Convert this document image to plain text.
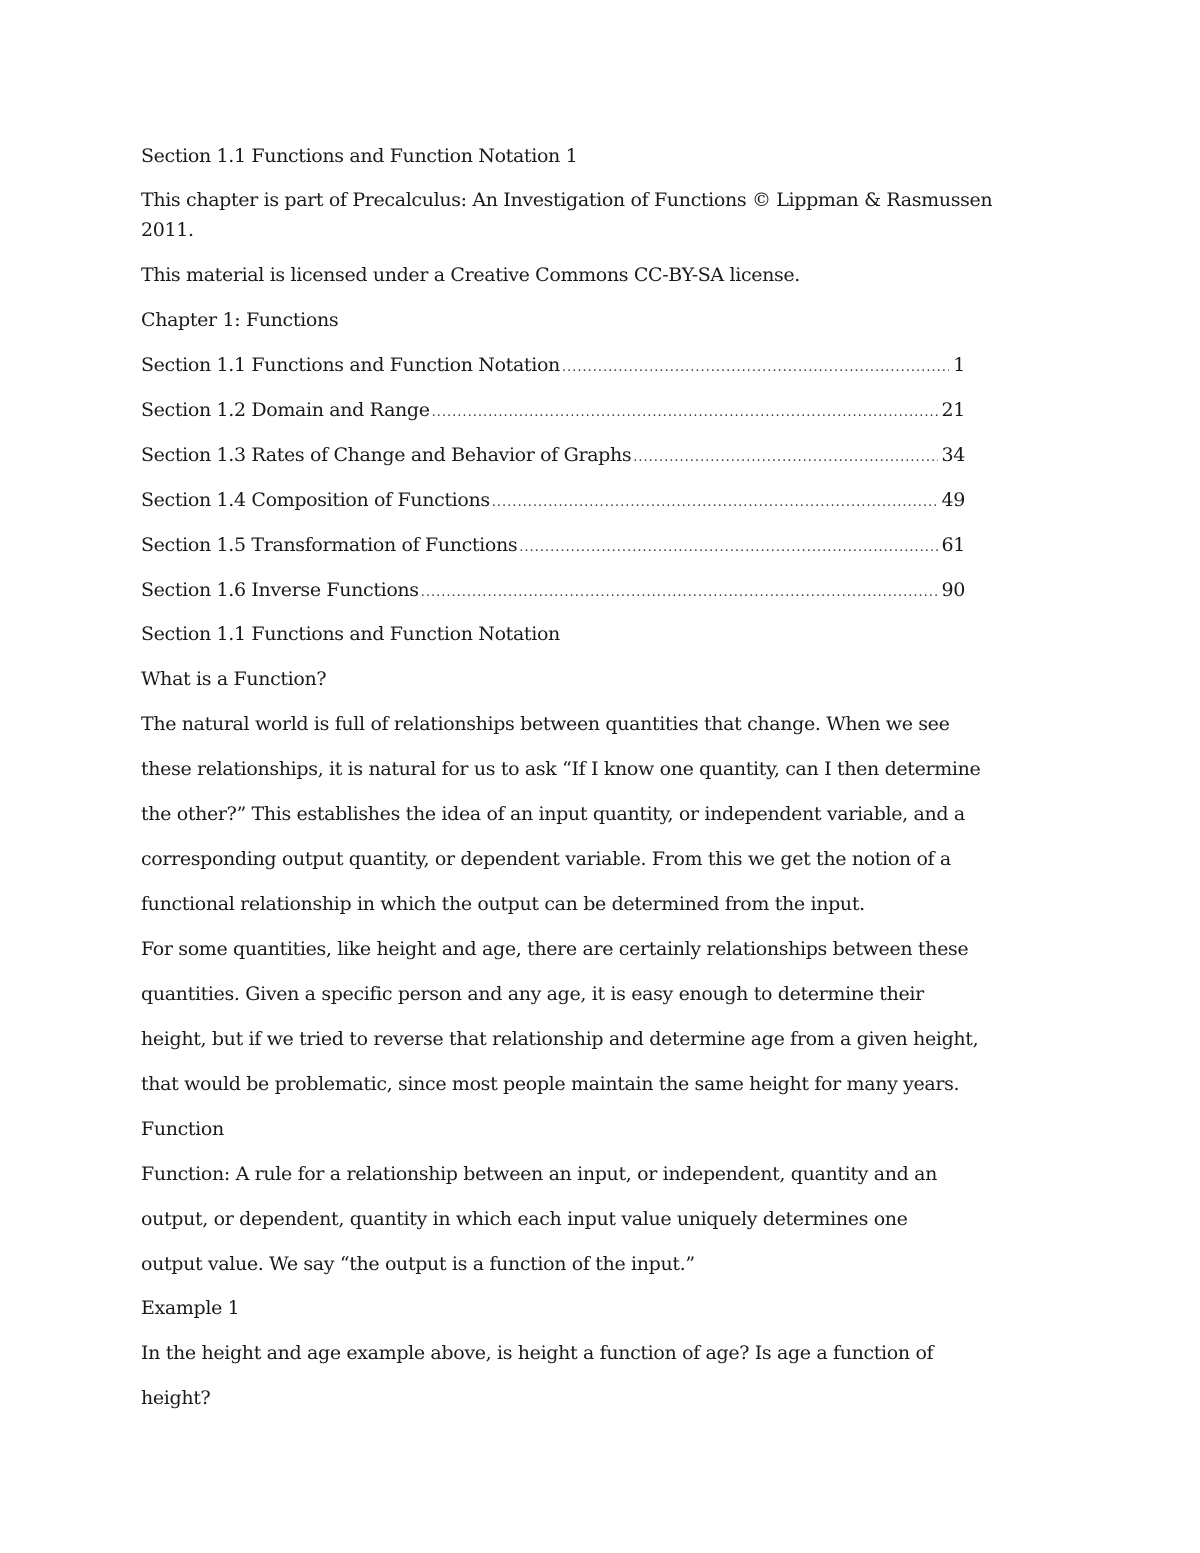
Section 1.1 Functions and Function Notation 1
This chapter is part of Precalculus: An Investigation of Functions © Lippman & Rasmussen
2011.
This material is licensed under a Creative Commons CC-BY-SA license.
Chapter 1: Functions
Section 1.1 Functions and Function Notation .....	1
Section 1.2 Domain and Range .....	21
Section 1.3 Rates of Change and Behavior of Graphs .....	34
Section 1.4 Composition of Functions .....	49
Section 1.5 Transformation of Functions .....	61
Section 1.6 Inverse Functions .....	90
Section 1.1 Functions and Function Notation
What is a Function?
The natural world is full of relationships between quantities that change. When we see
these relationships, it is natural for us to ask “If I know one quantity, can I then determine
the other?” This establishes the idea of an input quantity, or independent variable, and a
corresponding output quantity, or dependent variable. From this we get the notion of a
functional relationship in which the output can be determined from the input.
For some quantities, like height and age, there are certainly relationships between these
quantities. Given a specific person and any age, it is easy enough to determine their
height, but if we tried to reverse that relationship and determine age from a given height,
that would be problematic, since most people maintain the same height for many years.
Function
Function: A rule for a relationship between an input, or independent, quantity and an
output, or dependent, quantity in which each input value uniquely determines one
output value. We say “the output is a function of the input.”
Example 1
In the height and age example above, is height a function of age? Is age a function of
height?
